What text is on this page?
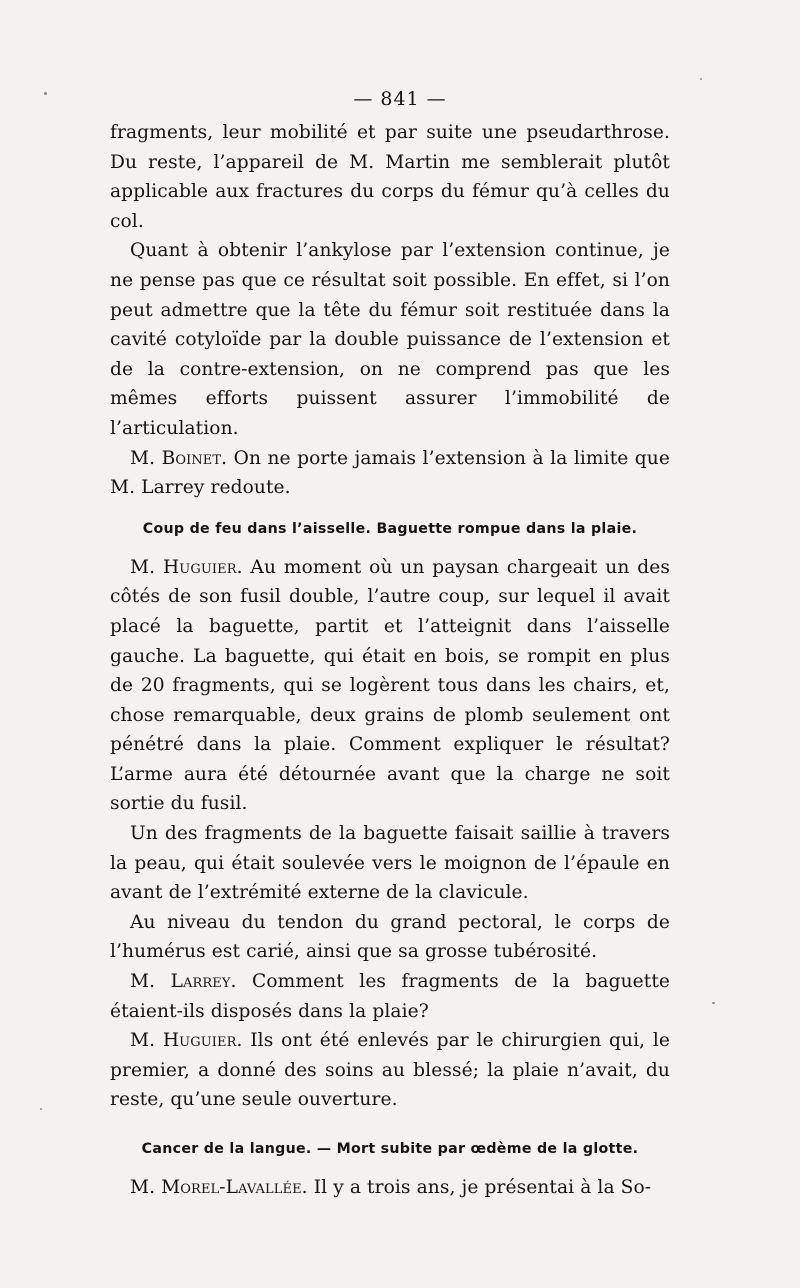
— 841 —

fragments, leur mobilité et par suite une pseudarthrose. Du reste, l’appareil de M. Martin me semblerait plutôt applicable aux fractures du corps du fémur qu’à celles du col.

Quant à obtenir l’ankylose par l’extension continue, je ne pense pas que ce résultat soit possible. En effet, si l’on peut admettre que la tête du fémur soit restituée dans la cavité cotyloïde par la double puissance de l’extension et de la contre-extension, on ne comprend pas que les mêmes efforts puissent assurer l’immobilité de l’articulation.

M. Boinet. On ne porte jamais l’extension à la limite que M. Larrey redoute.

Coup de feu dans l’aisselle. Baguette rompue dans la plaie.

M. Huguier. Au moment où un paysan chargeait un des côtés de son fusil double, l’autre coup, sur lequel il avait placé la baguette, partit et l’atteignit dans l’aisselle gauche. La baguette, qui était en bois, se rompit en plus de 20 fragments, qui se logèrent tous dans les chairs, et, chose remarquable, deux grains de plomb seulement ont pénétré dans la plaie. Comment expliquer le résultat? L’arme aura été détournée avant que la charge ne soit sortie du fusil.

Un des fragments de la baguette faisait saillie à travers la peau, qui était soulevée vers le moignon de l’épaule en avant de l’extrémité externe de la clavicule.

Au niveau du tendon du grand pectoral, le corps de l’humérus est carié, ainsi que sa grosse tubérosité.

M. Larrey. Comment les fragments de la baguette étaient-ils disposés dans la plaie?

M. Huguier. Ils ont été enlevés par le chirurgien qui, le premier, a donné des soins au blessé; la plaie n’avait, du reste, qu’une seule ouverture.

Cancer de la langue. — Mort subite par œdème de la glotte.

M. Morel-Lavallée. Il y a trois ans, je présentai à la So-
